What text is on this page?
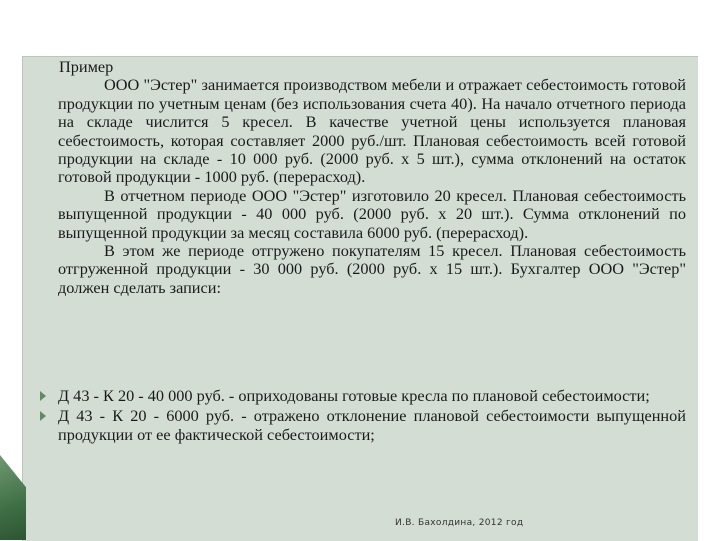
Пример

ООО "Эстер" занимается производством мебели и отражает себестоимость готовой продукции по учетным ценам (без использования счета 40). На начало отчетного периода на складе числится 5 кресел. В качестве учетной цены используется плановая себестоимость, которая составляет 2000 руб./шт. Плановая себестоимость всей готовой продукции на складе - 10 000 руб. (2000 руб. х 5 шт.), сумма отклонений на остаток готовой продукции - 1000 руб. (перерасход).

В отчетном периоде ООО "Эстер" изготовило 20 кресел. Плановая себестоимость выпущенной продукции - 40 000 руб. (2000 руб. х 20 шт.). Сумма отклонений по выпущенной продукции за месяц составила 6000 руб. (перерасход).

В этом же периоде отгружено покупателям 15 кресел. Плановая себестоимость отгруженной продукции - 30 000 руб. (2000 руб. х 15 шт.). Бухгалтер ООО "Эстер" должен сделать записи:

Д 43 - К 20 - 40 000 руб. - оприходованы готовые кресла по плановой себестоимости;
Д 43 - К 20 - 6000 руб. - отражено отклонение плановой себестоимости выпущенной продукции от ее фактической себестоимости;
И.В. Бахолдина, 2012 год
